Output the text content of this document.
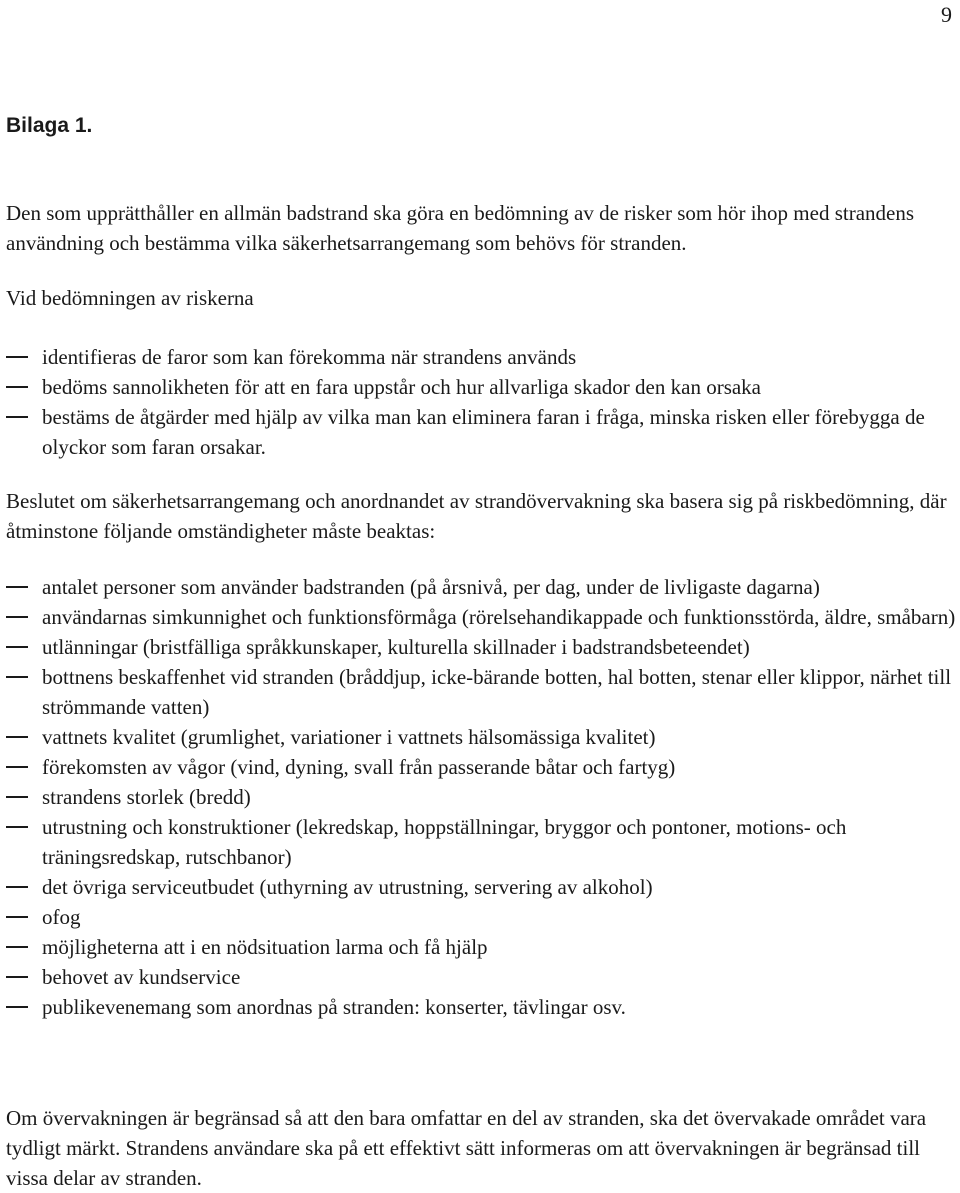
9
Bilaga 1.

Den som upprätthåller en allmän badstrand ska göra en bedömning av de risker som hör ihop med strandens användning och bestämma vilka säkerhetsarrangemang som behövs för stranden.

Vid bedömningen av riskerna

identifieras de faror som kan förekomma när strandens används
bedöms sannolikheten för att en fara uppstår och hur allvarliga skador den kan orsaka
bestäms de åtgärder med hjälp av vilka man kan eliminera faran i fråga, minska risken eller förebygga de olyckor som faran orsakar.

Beslutet om säkerhetsarrangemang och anordnandet av strandövervakning ska basera sig på riskbedömning, där åtminstone följande omständigheter måste beaktas:

antalet personer som använder badstranden (på årsnivå, per dag, under de livligaste dagarna)
användarnas simkunnighet och funktionsförmåga (rörelsehandikappade och funktionsstörda, äldre, småbarn)
utlänningar (bristfälliga språkkunskaper, kulturella skillnader i badstrandsbeteendet)
bottnens beskaffenhet vid stranden (bråddjup, icke-bärande botten, hal botten, stenar eller klippor, närhet till strömmande vatten)
vattnets kvalitet (grumlighet, variationer i vattnets hälsomässiga kvalitet)
förekomsten av vågor (vind, dyning, svall från passerande båtar och fartyg)
strandens storlek (bredd)
utrustning och konstruktioner (lekredskap, hoppställningar, bryggor och pontoner, motions- och träningsredskap, rutschbanor)
det övriga serviceutbudet (uthyrning av utrustning, servering av alkohol)
ofog
möjligheterna att i en nödsituation larma och få hjälp
behovet av kundservice
publikevenemang som anordnas på stranden: konserter, tävlingar osv.

Om övervakningen är begränsad så att den bara omfattar en del av stranden, ska det övervakade området vara tydligt märkt. Strandens användare ska på ett effektivt sätt informeras om att övervakningen är begränsad till vissa delar av stranden.
